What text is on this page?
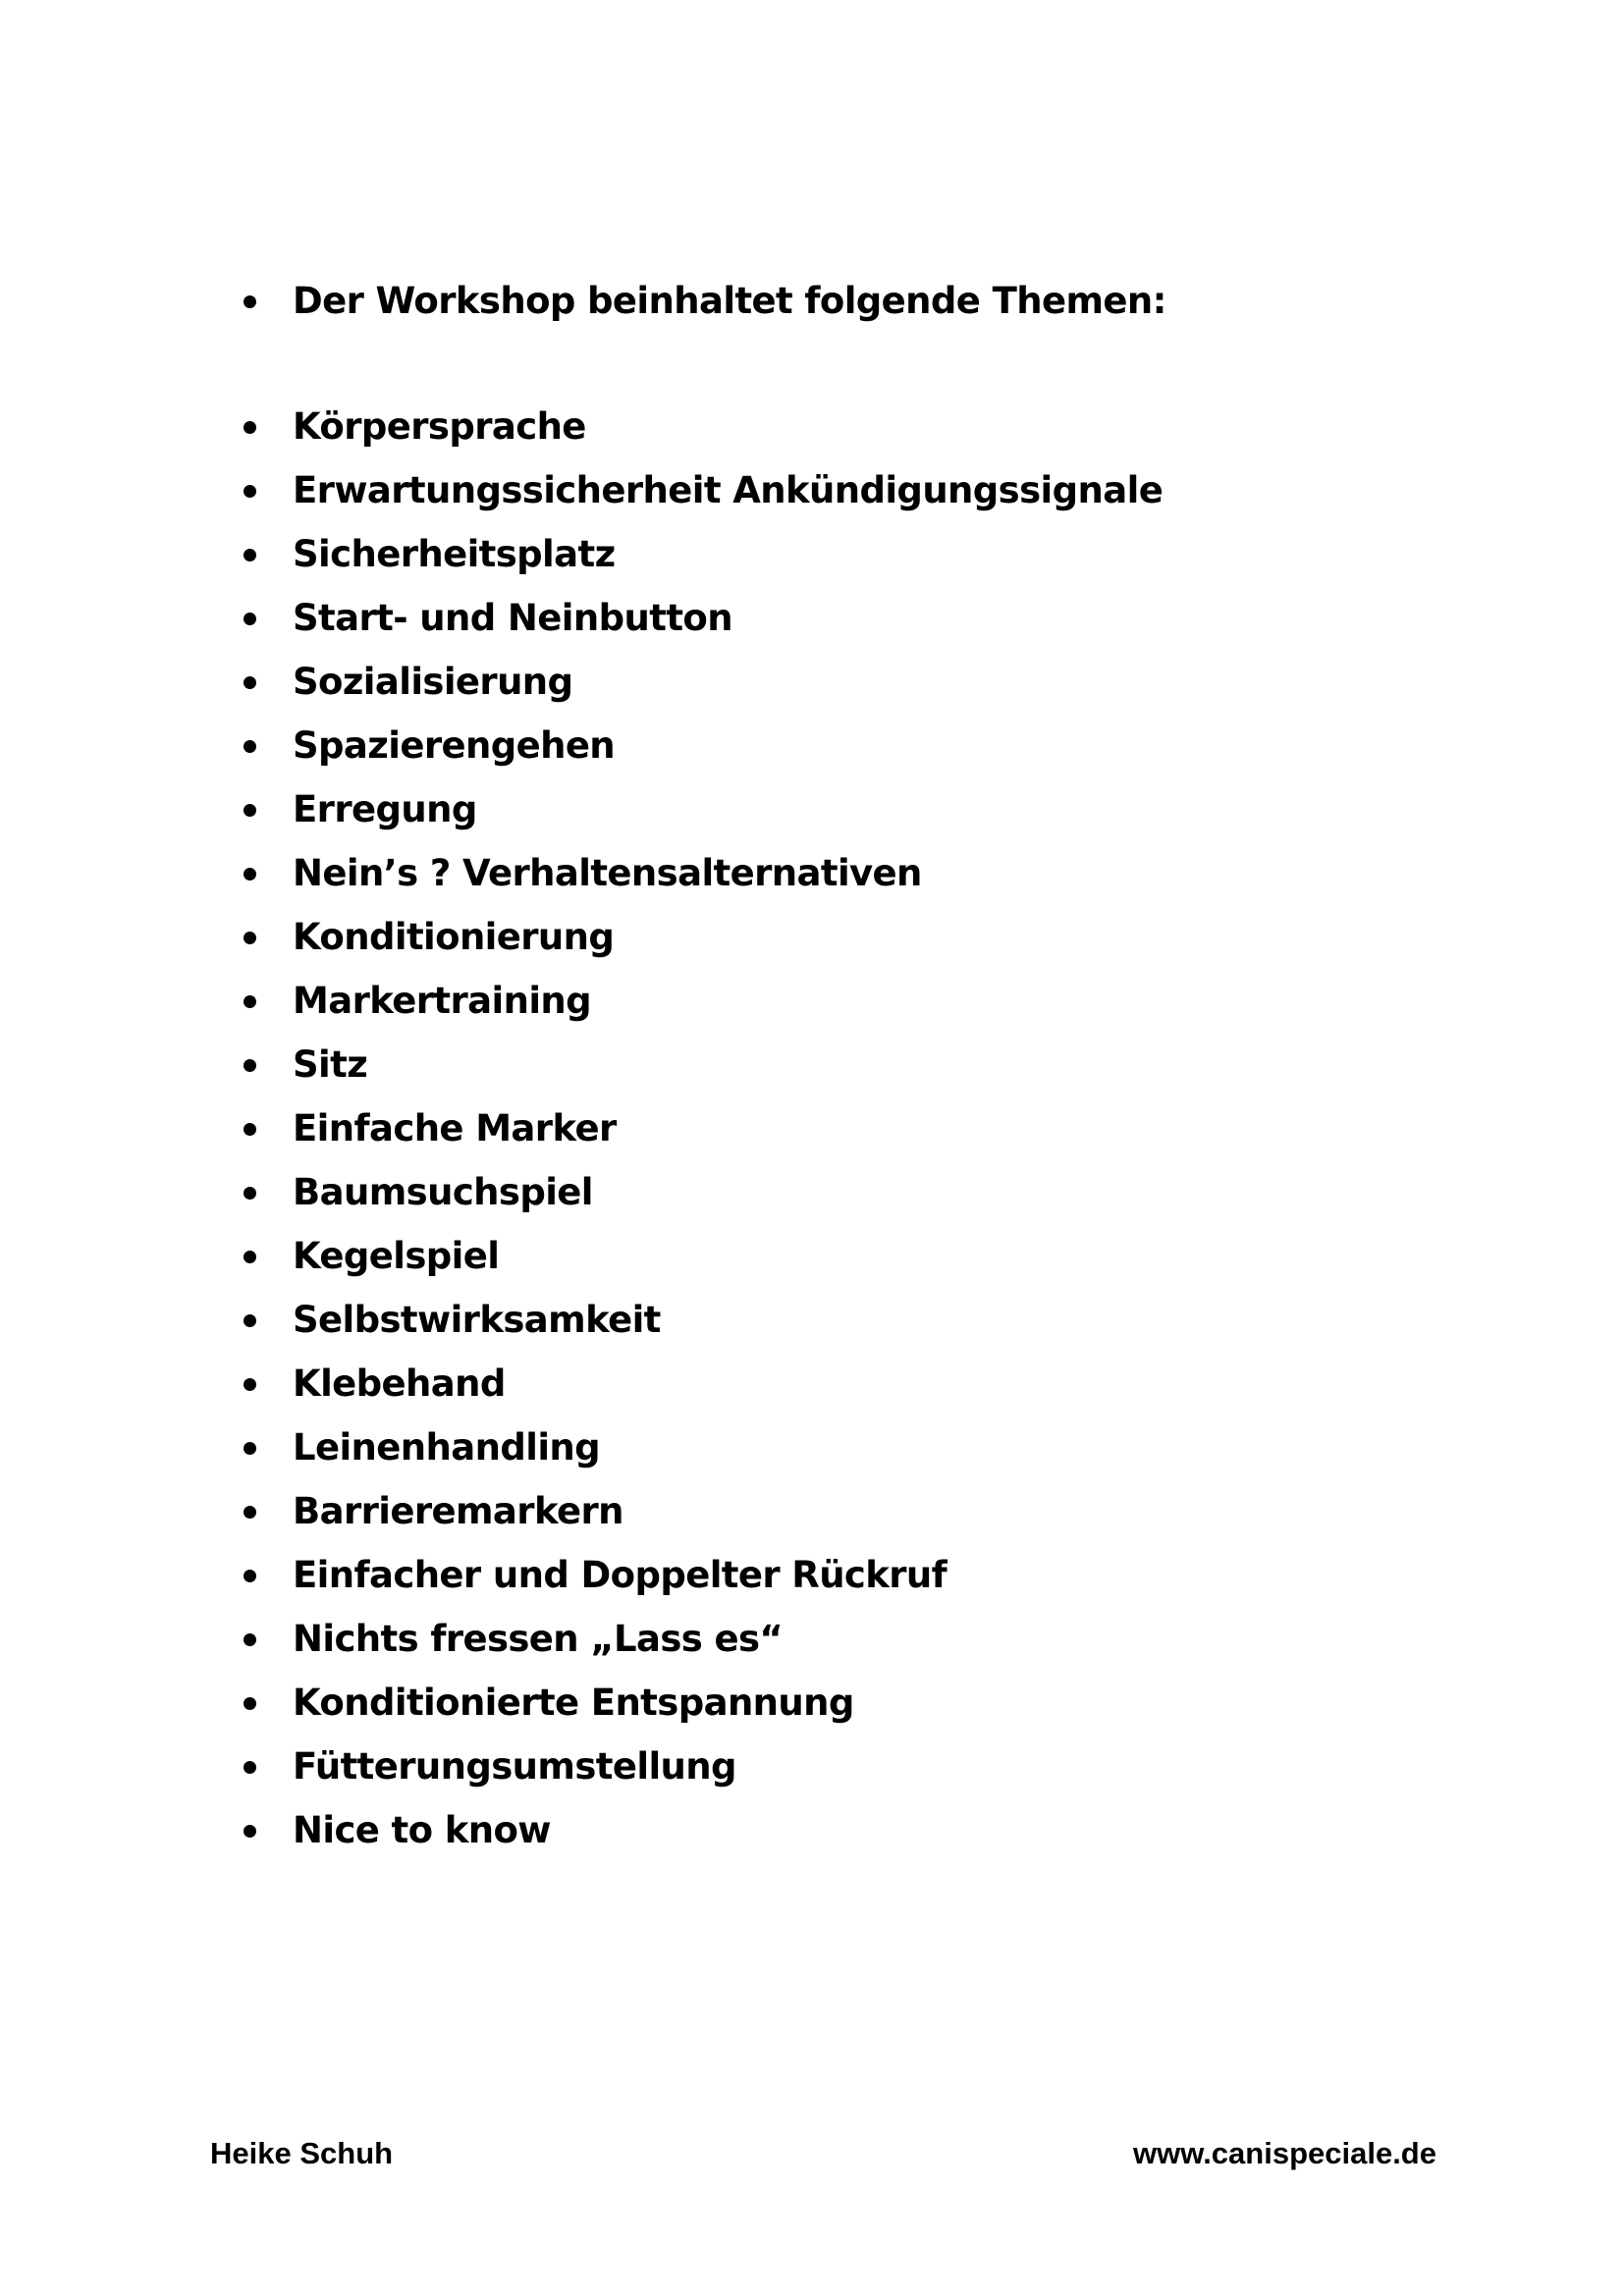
Der Workshop beinhaltet folgende Themen:
Körpersprache
Erwartungssicherheit Ankündigungssignale
Sicherheitsplatz
Start- und Neinbutton
Sozialisierung
Spazierengehen
Erregung
Nein’s ? Verhaltensalternativen
Konditionierung
Markertraining
Sitz
Einfache Marker
Baumsuchspiel
Kegelspiel
Selbstwirksamkeit
Klebehand
Leinenhandling
Barrieremarkern
Einfacher und Doppelter Rückruf
Nichts fressen „Lass es“
Konditionierte Entspannung
Fütterungsumstellung
Nice to know
Heike Schuh	www.canispeciale.de
